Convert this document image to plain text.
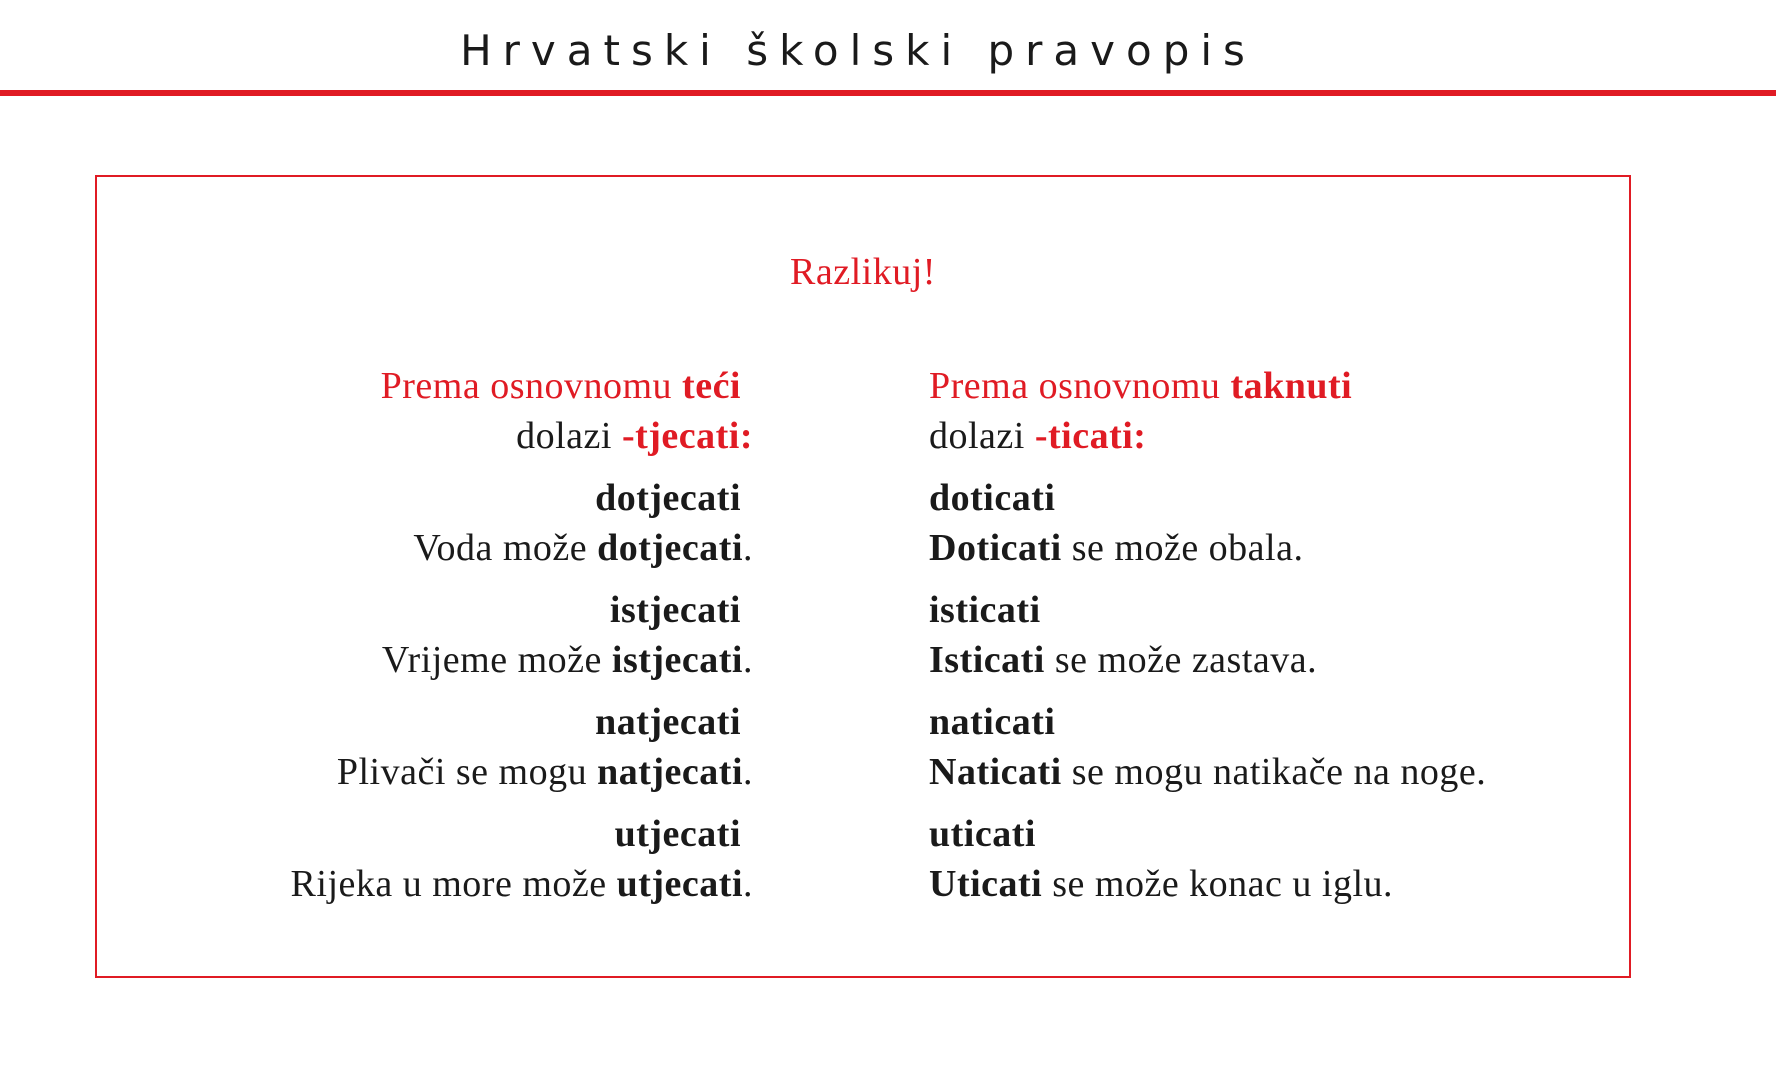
Hrvatski školski pravopis
Razlikuj!
Prema osnovnomu teći
dolazi -tjecati:
dotjecati
Voda može dotjecati.
istjecati
Vrijeme može istjecati.
natjecati
Plivači se mogu natjecati.
utjecati
Rijeka u more može utjecati.
Prema osnovnomu taknuti
dolazi -ticati:
doticati
Doticati se može obala.
isticati
Isticati se može zastava.
naticati
Naticati se mogu natikače na noge.
uticati
Uticati se može konac u iglu.
